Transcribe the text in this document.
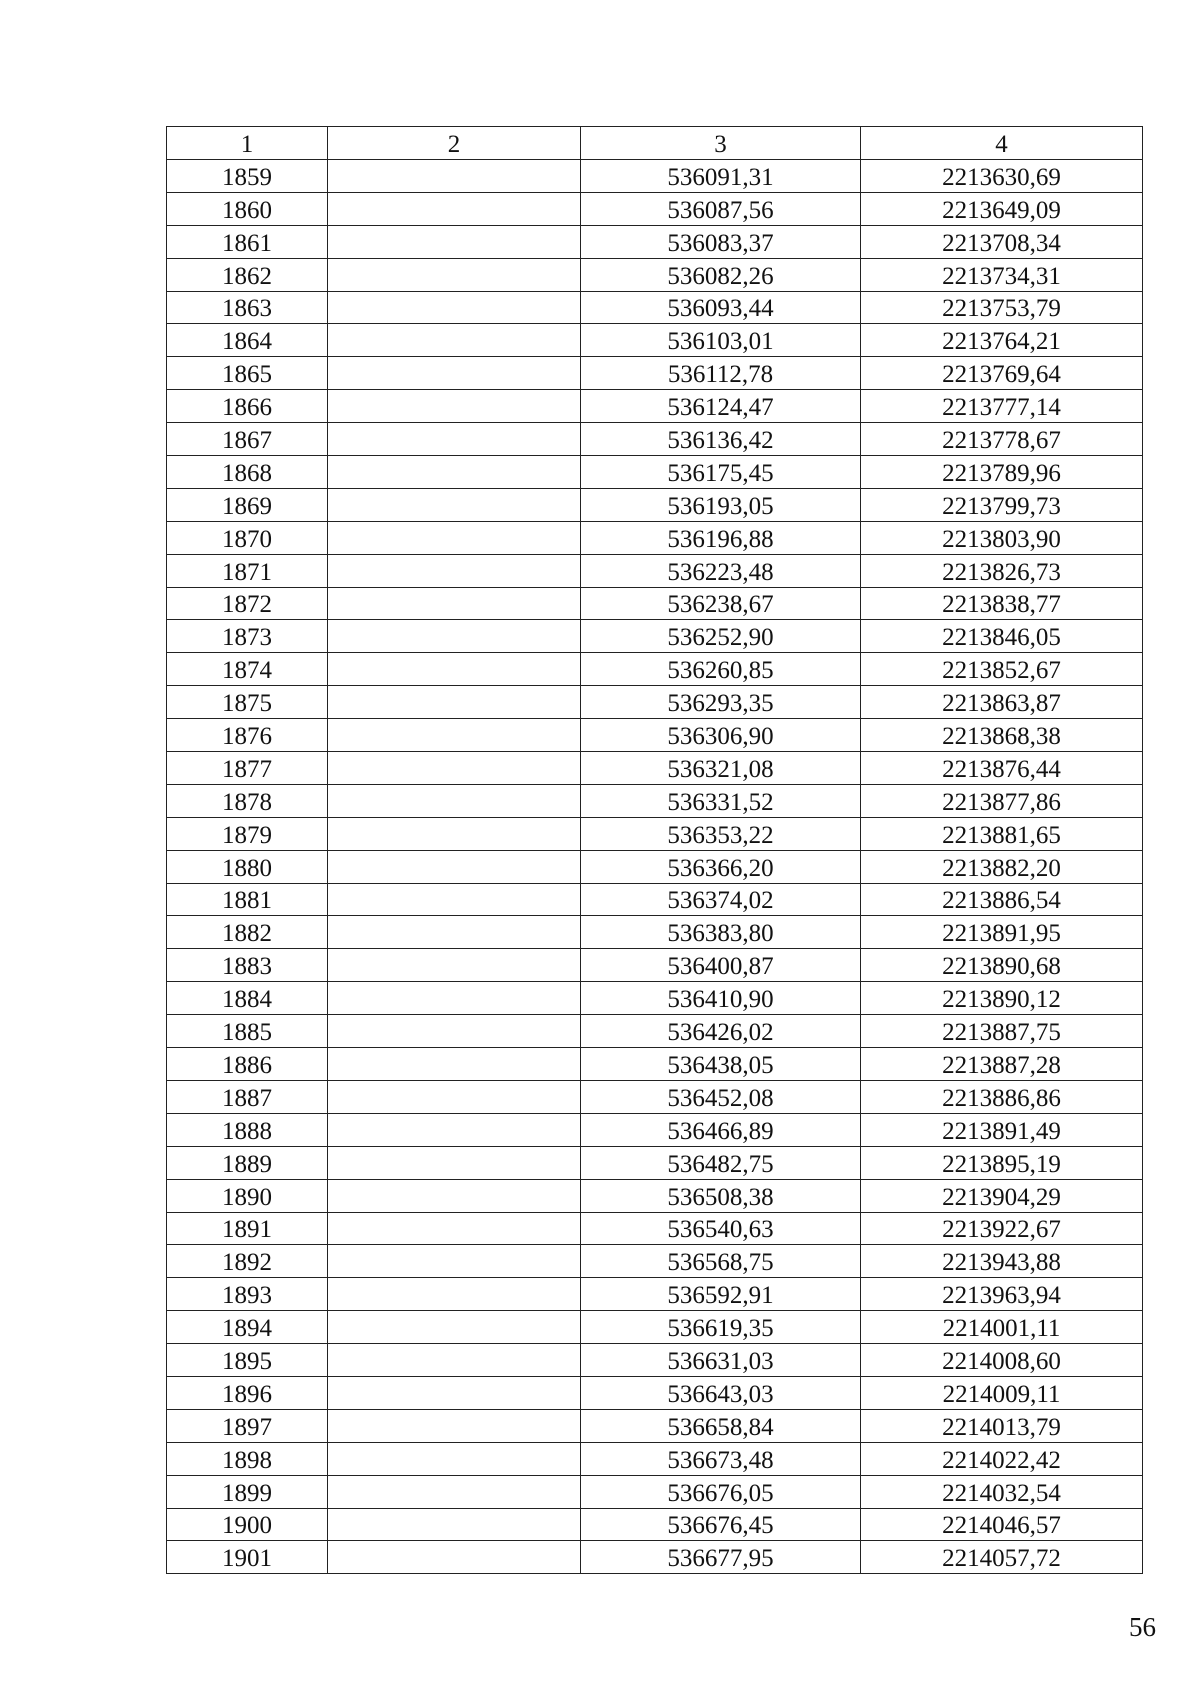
1	2	3	4
1859		536091,31	2213630,69
1860		536087,56	2213649,09
1861		536083,37	2213708,34
1862		536082,26	2213734,31
1863		536093,44	2213753,79
1864		536103,01	2213764,21
1865		536112,78	2213769,64
1866		536124,47	2213777,14
1867		536136,42	2213778,67
1868		536175,45	2213789,96
1869		536193,05	2213799,73
1870		536196,88	2213803,90
1871		536223,48	2213826,73
1872		536238,67	2213838,77
1873		536252,90	2213846,05
1874		536260,85	2213852,67
1875		536293,35	2213863,87
1876		536306,90	2213868,38
1877		536321,08	2213876,44
1878		536331,52	2213877,86
1879		536353,22	2213881,65
1880		536366,20	2213882,20
1881		536374,02	2213886,54
1882		536383,80	2213891,95
1883		536400,87	2213890,68
1884		536410,90	2213890,12
1885		536426,02	2213887,75
1886		536438,05	2213887,28
1887		536452,08	2213886,86
1888		536466,89	2213891,49
1889		536482,75	2213895,19
1890		536508,38	2213904,29
1891		536540,63	2213922,67
1892		536568,75	2213943,88
1893		536592,91	2213963,94
1894		536619,35	2214001,11
1895		536631,03	2214008,60
1896		536643,03	2214009,11
1897		536658,84	2214013,79
1898		536673,48	2214022,42
1899		536676,05	2214032,54
1900		536676,45	2214046,57
1901		536677,95	2214057,72
56
